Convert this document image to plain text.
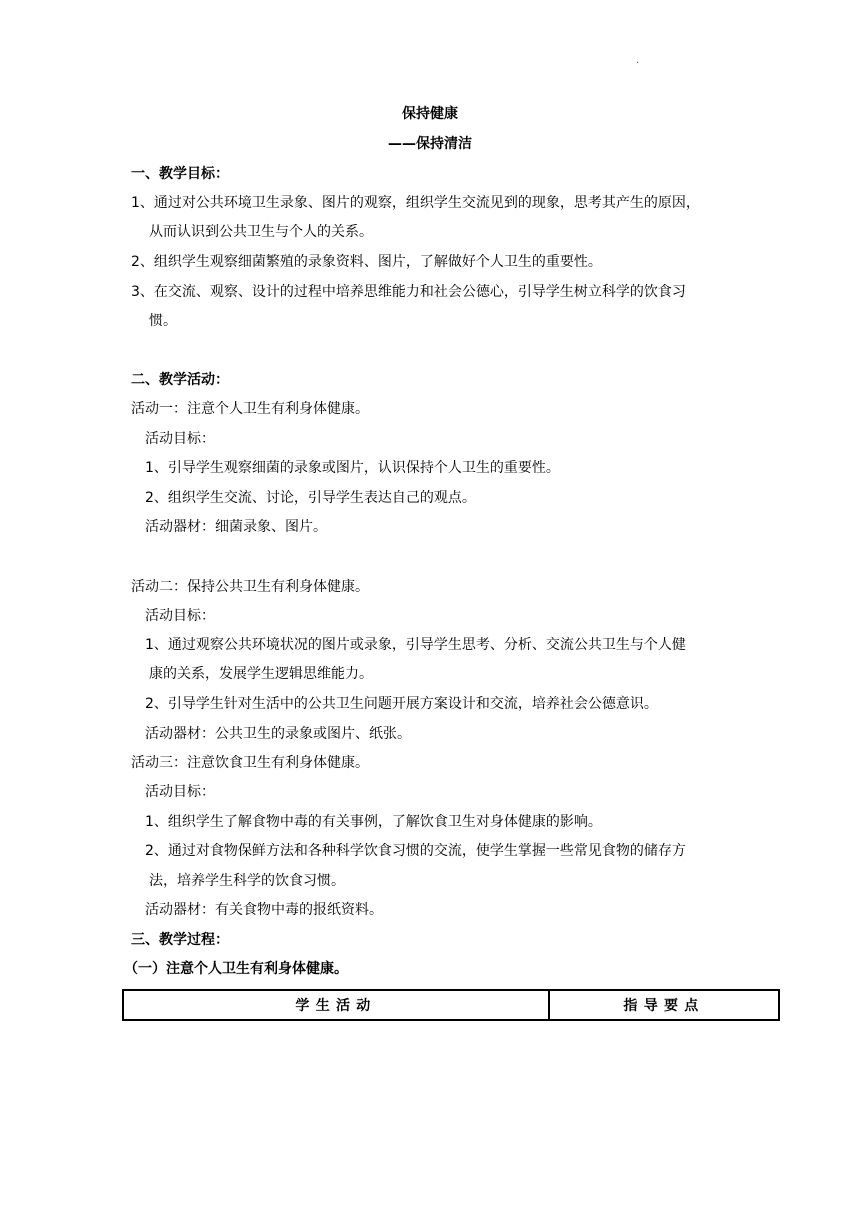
.
保持健康
——保持清洁
一、教学目标：
1、通过对公共环境卫生录象、图片的观察，组织学生交流见到的现象，思考其产生的原因，
从而认识到公共卫生与个人的关系。
2、组织学生观察细菌繁殖的录象资料、图片，了解做好个人卫生的重要性。
3、在交流、观察、设计的过程中培养思维能力和社会公德心，引导学生树立科学的饮食习
惯。
二、教学活动：
活动一：注意个人卫生有利身体健康。
活动目标：
1、引导学生观察细菌的录象或图片，认识保持个人卫生的重要性。
2、组织学生交流、讨论，引导学生表达自己的观点。
活动器材：细菌录象、图片。
活动二：保持公共卫生有利身体健康。
活动目标：
1、通过观察公共环境状况的图片或录象，引导学生思考、分析、交流公共卫生与个人健
康的关系，发展学生逻辑思维能力。
2、引导学生针对生活中的公共卫生问题开展方案设计和交流，培养社会公德意识。
活动器材：公共卫生的录象或图片、纸张。
活动三：注意饮食卫生有利身体健康。
活动目标：
1、组织学生了解食物中毒的有关事例，了解饮食卫生对身体健康的影响。
2、通过对食物保鲜方法和各种科学饮食习惯的交流，使学生掌握一些常见食物的储存方
法，培养学生科学的饮食习惯。
活动器材：有关食物中毒的报纸资料。
三、教学过程：
（一）注意个人卫生有利身体健康。
学生活动	指导要点
